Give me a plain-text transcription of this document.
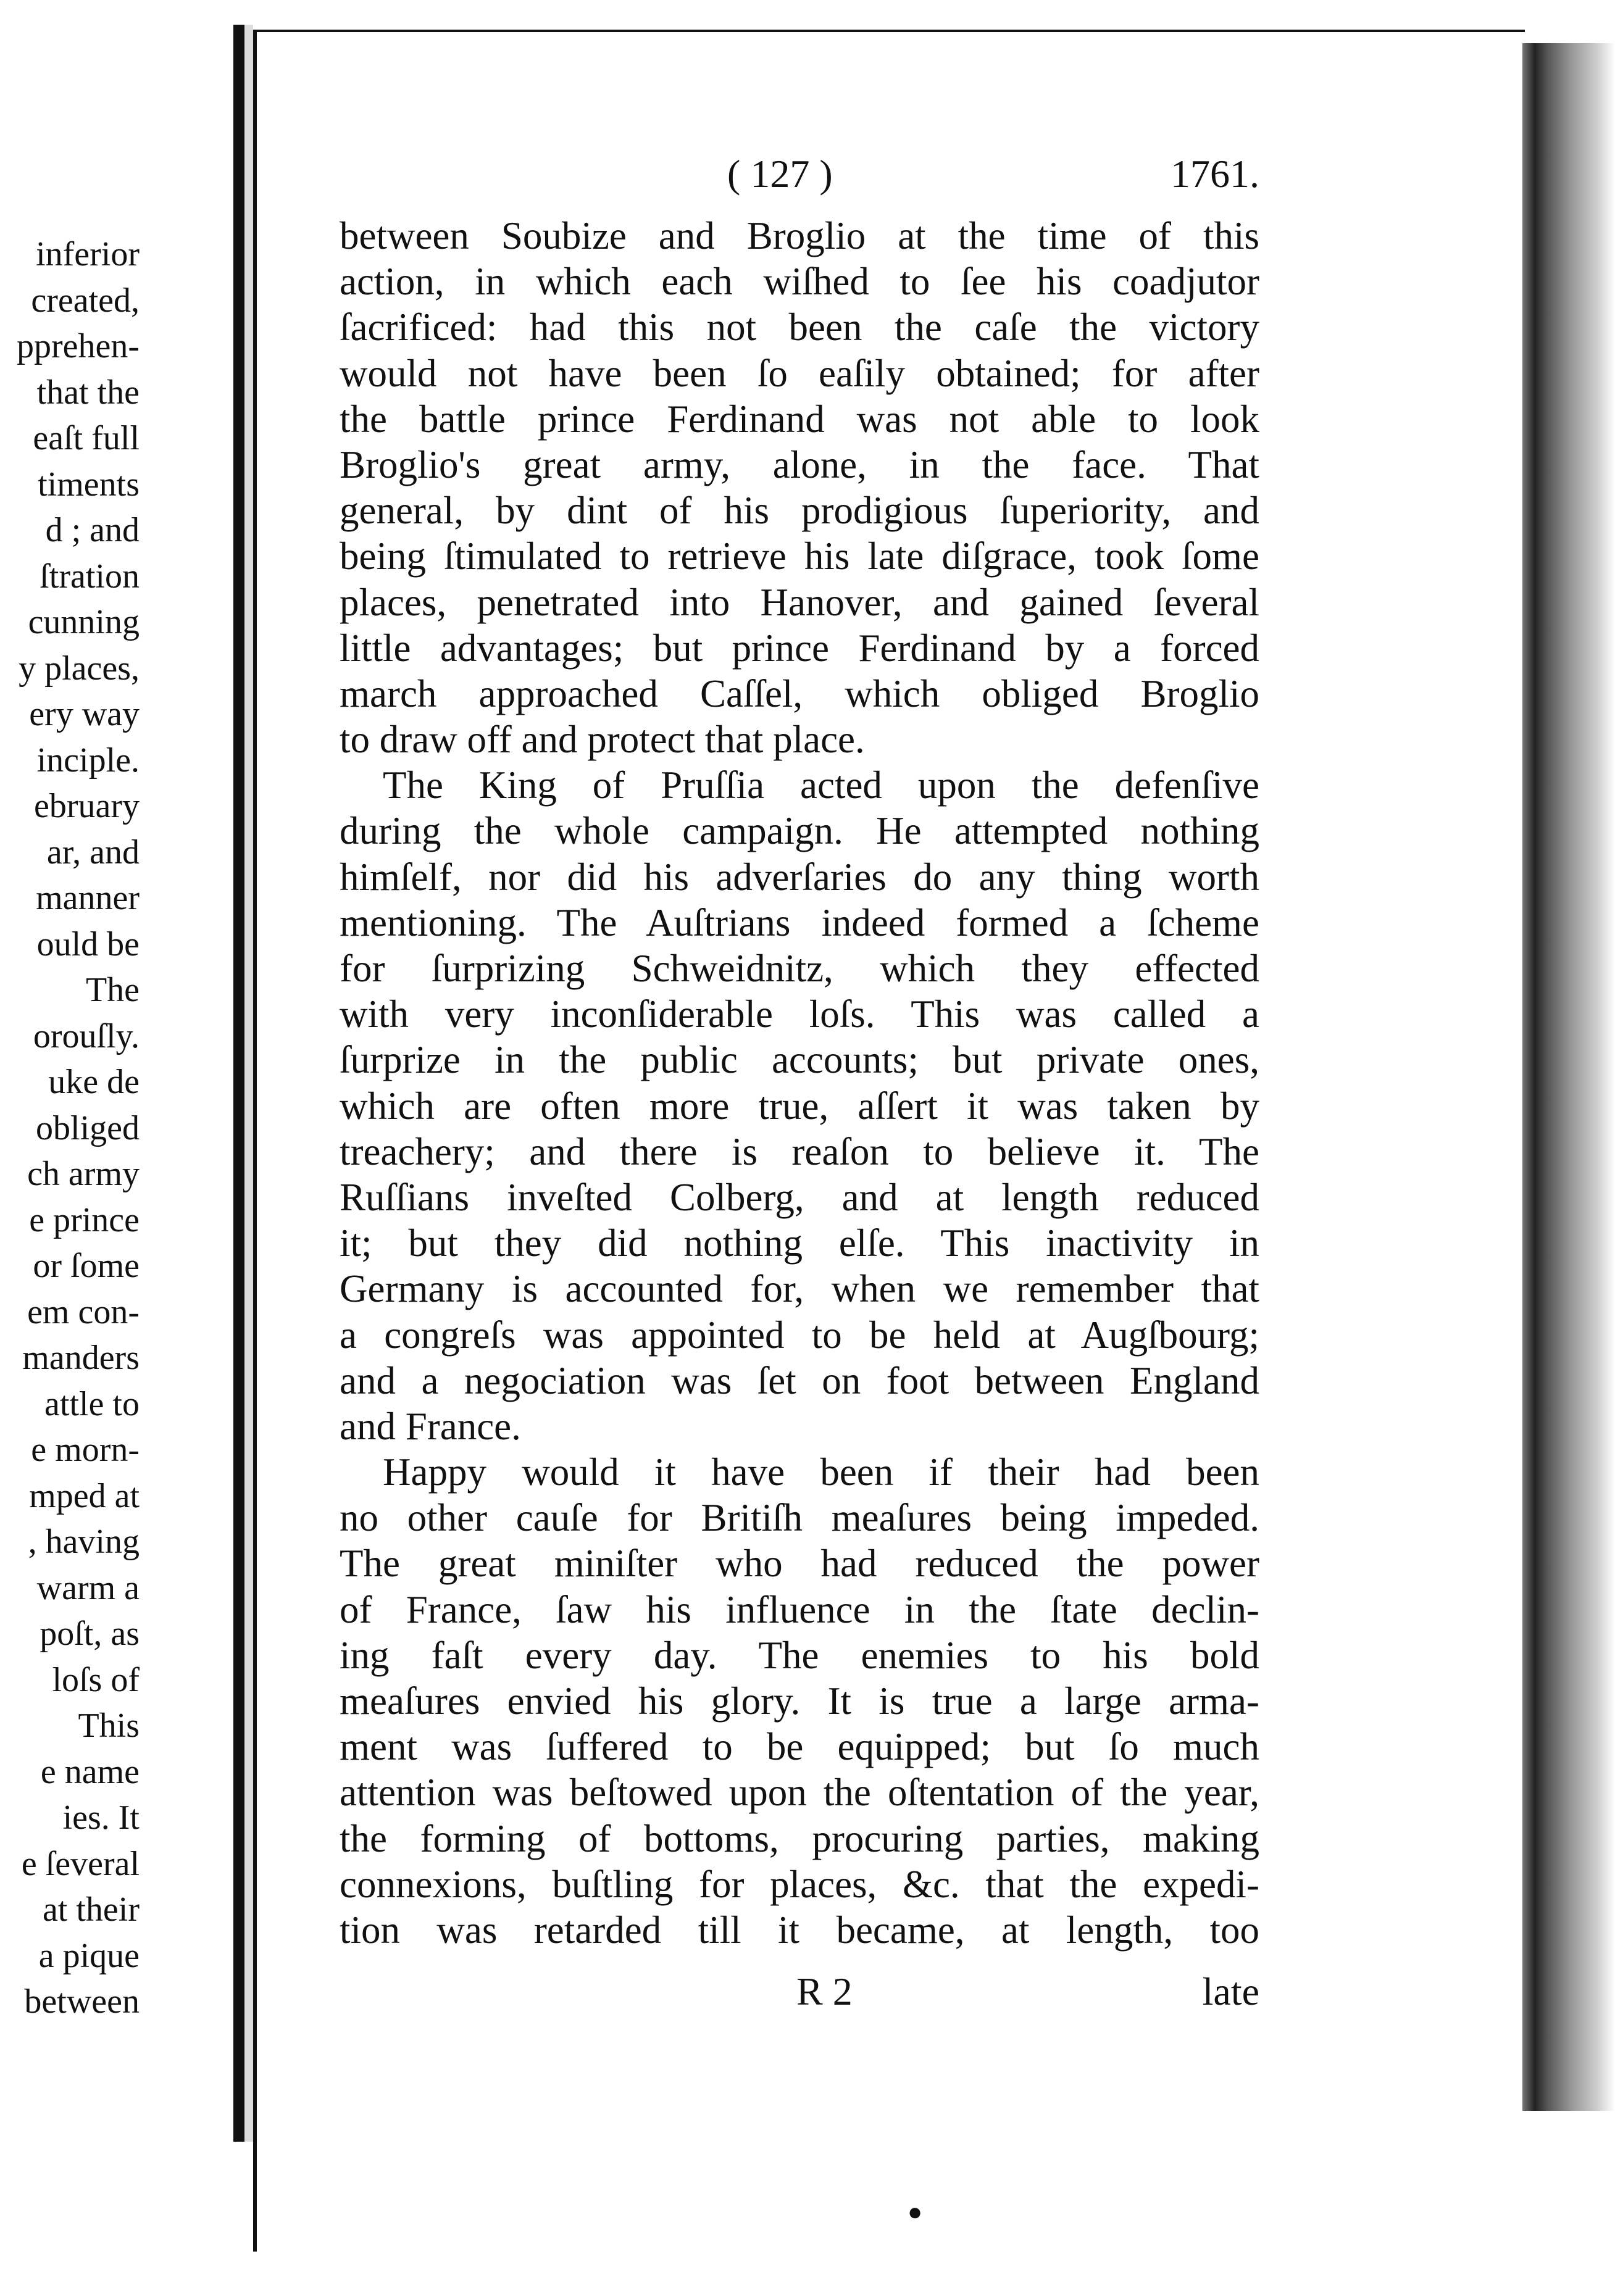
inferior
created,
pprehen-
that the
eaſt full
timents
d ; and
ſtration
cunning
y places,
ery way
inciple.
ebruary
ar, and
manner
ould be
The
orouſly.
uke de
obliged
ch army
e prince
or ſome
em con-
manders
attle to
e morn-
mped at
, having
warm a
poſt, as
loſs of
This
e name
ies. It
e ſeveral
at their
a pique
between
( 127 )	1761.
between Soubize and Broglio at the time of this
action, in which each wiſhed to ſee his coadjutor
ſacrificed: had this not been the caſe the victory
would not have been ſo eaſily obtained; for after
the battle prince Ferdinand was not able to look
Broglio's great army, alone, in the face. That
general, by dint of his prodigious ſuperiority, and
being ſtimulated to retrieve his late diſgrace, took ſome
places, penetrated into Hanover, and gained ſeveral
little advantages; but prince Ferdinand by a forced
march approached Caſſel, which obliged Broglio
to draw off and protect that place.
The King of Pruſſia acted upon the defenſive
during the whole campaign. He attempted nothing
himſelf, nor did his adverſaries do any thing worth
mentioning. The Auſtrians indeed formed a ſcheme
for ſurprizing Schweidnitz, which they effected
with very inconſiderable loſs. This was called a
ſurprize in the public accounts; but private ones,
which are often more true, aſſert it was taken by
treachery; and there is reaſon to believe it. The
Ruſſians inveſted Colberg, and at length reduced
it; but they did nothing elſe. This inactivity in
Germany is accounted for, when we remember that
a congreſs was appointed to be held at Augſbourg;
and a negociation was ſet on foot between England
and France.
Happy would it have been if their had been
no other cauſe for Britiſh meaſures being impeded.
The great miniſter who had reduced the power
of France, ſaw his influence in the ſtate declin-
ing faſt every day. The enemies to his bold
meaſures envied his glory. It is true a large arma-
ment was ſuffered to be equipped; but ſo much
attention was beſtowed upon the oſtentation of the year,
the forming of bottoms, procuring parties, making
connexions, buſtling for places, &c. that the expedi-
tion was retarded till it became, at length, too
R 2	late
●
